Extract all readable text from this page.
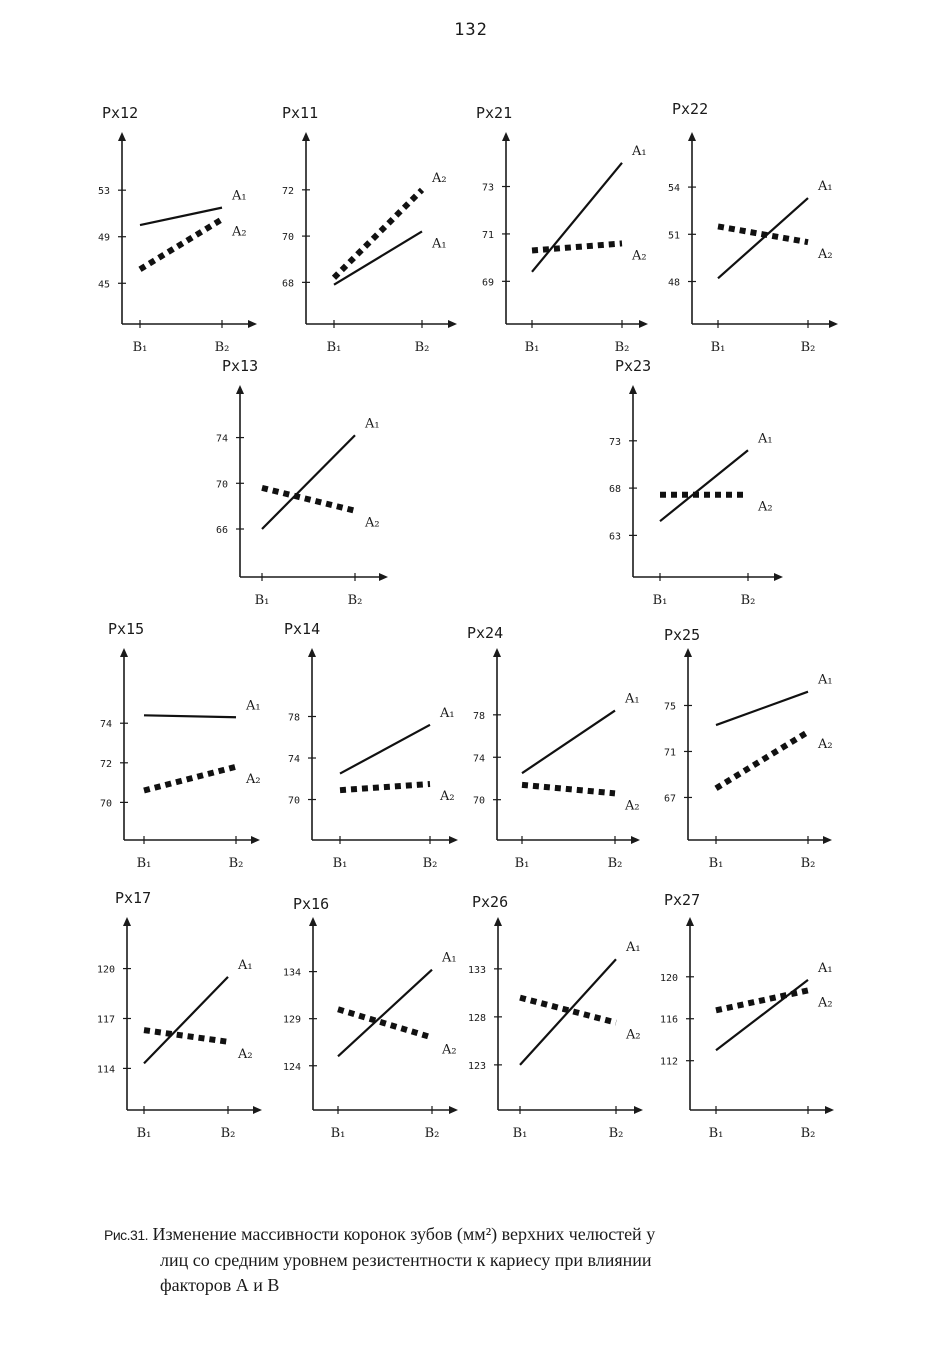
132
Px12
45
49
53
B₁	B₂
A₁
A₂
Px11
68
70
72
B₁	B₂
A₁
A₂
Px21
69
71
73
B₁	B₂
A₁
A₂
Px22
48
51
54
B₁	B₂
A₁
A₂
Px13
66
70
74
B₁	B₂
A₁
A₂
Px23
63
68
73
B₁	B₂
A₁
A₂
Px15
70
72
74
B₁	B₂
A₁
A₂
Px14
70
74
78
B₁	B₂
A₁
A₂
Px24
70
74
78
B₁	B₂
A₁
A₂
Px25
67
71
75
B₁	B₂
A₁
A₂
Px17
114
117
120
B₁	B₂
A₁
A₂
Px16
124
129
134
B₁	B₂
A₁
A₂
Px26
123
128
133
B₁	B₂
A₁
A₂
Px27
112
116
120
B₁	B₂
A₁
A₂
Рис.31. Изменение массивности коронок зубов (мм²) верхних челюстей у
лиц со средним уровнем резистентности к кариесу при влиянии
факторов А и В
